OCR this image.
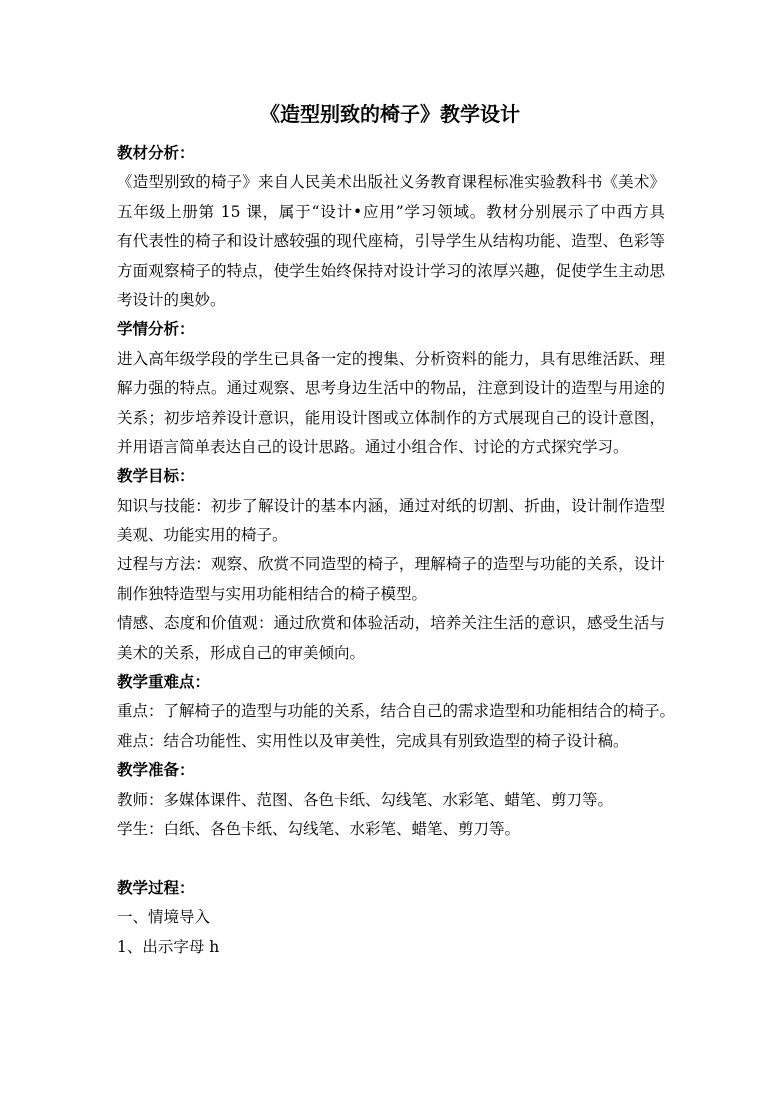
《造型别致的椅子》教学设计
教材分析：
《造型别致的椅子》来自人民美术出版社义务教育课程标准实验教科书《美术》
五年级上册第 15 课，属于“设计•应用”学习领域。教材分别展示了中西方具
有代表性的椅子和设计感较强的现代座椅，引导学生从结构功能、造型、色彩等
方面观察椅子的特点，使学生始终保持对设计学习的浓厚兴趣，促使学生主动思
考设计的奥妙。
学情分析：
进入高年级学段的学生已具备一定的搜集、分析资料的能力，具有思维活跃、理
解力强的特点。通过观察、思考身边生活中的物品，注意到设计的造型与用途的
关系；初步培养设计意识，能用设计图或立体制作的方式展现自己的设计意图，
并用语言简单表达自己的设计思路。通过小组合作、讨论的方式探究学习。
教学目标：
知识与技能：初步了解设计的基本内涵，通过对纸的切割、折曲，设计制作造型
美观、功能实用的椅子。
过程与方法：观察、欣赏不同造型的椅子，理解椅子的造型与功能的关系，设计
制作独特造型与实用功能相结合的椅子模型。
情感、态度和价值观：通过欣赏和体验活动，培养关注生活的意识，感受生活与
美术的关系，形成自己的审美倾向。
教学重难点：
重点：了解椅子的造型与功能的关系，结合自己的需求造型和功能相结合的椅子。
难点：结合功能性、实用性以及审美性，完成具有别致造型的椅子设计稿。
教学准备：
教师：多媒体课件、范图、各色卡纸、勾线笔、水彩笔、蜡笔、剪刀等。
学生：白纸、各色卡纸、勾线笔、水彩笔、蜡笔、剪刀等。
教学过程：
一、情境导入
1、出示字母 h
